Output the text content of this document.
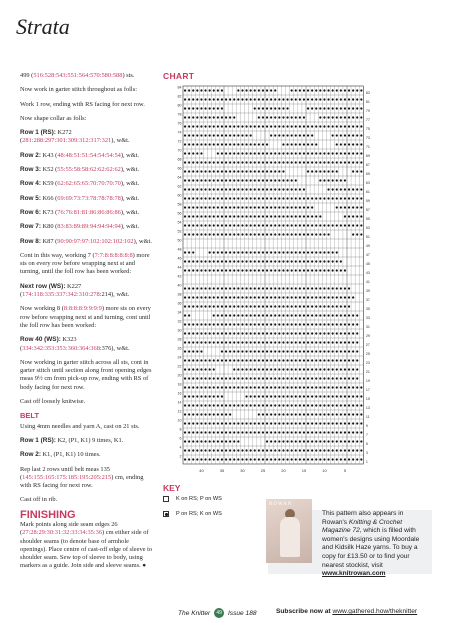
Strata

499 (516:528:543:551:564:570:580:588) sts.

Now work in garter stitch throughout as folls:

Work 1 row, ending with RS facing for next row.

Now shape collar as folls:

Row 1 (RS): K272 (281:288:297:301:309:312:317:321), w&t.

Row 2: K43 (48:48:51:51:54:54:54:54), w&t.

Row 3: K52 (55:55:58:58:62:62:62:62), w&t.

Row 4: K59 (62:62:65:65:70:70:70:70), w&t.

Row 5: K66 (69:69:73:73:78:78:78:78), w&t.

Row 6: K73 (76:76:81:81:86:86:86:86), w&t.

Row 7: K80 (83:83:89:89:94:94:94:94), w&t.

Row 8: K87 (90:90:97:97:102:102:102:102), w&t.

Cont in this way, working 7 (7:7:8:8:8:8:8:8) more sts on every row before wrapping next st and turning, until the foll row has been worked:

Next row (WS): K227 (174:118:335:337:342:310:278:214), w&t.

Now working 8 (8:8:8:8:9:9:9:9) more sts on every row before wrapping next st and turning, cont until the foll row has been worked:

Row 40 (WS): K323 (334:342:353:353:360:364:368:376), w&t.

Now working in garter stitch across all sts, cont in garter stitch until section along front opening edges meas 9½ cm from pick-up row, ending with RS of body facing for next row.

Cast off loosely knitwise.

BELT

Using 4mm needles and yarn A, cast on 21 sts.

Row 1 (RS): K2, (P1, K1) 9 times, K1.

Row 2: K1, (P1, K1) 10 times.

Rep last 2 rows until belt meas 135 (145:155:165:175:185:195:205:215) cm, ending with RS facing for next row.

Cast off in rib.

FINISHING

Mark points along side seam edges 26 (27:28:29:30:31:32:33:34:35:36) cm either side of shoulder seams (to denote base of armhole openings). Place centre of cast-off edge of sleeve to shoulder seam. Sew top of sleeve to body, using markers as a guide. Join side and sleeve seams. ●

CHART
84
82
80
78
76
74
72
70
68
66
64
62
60
58
56
54
52
50
48
46
44
42
40
38
36
34
32
30
28
26
24
22
20
18
16
14
12
10
8
6
4
2
83
81
79
77
75
73
71
69
67
65
63
61
59
57
55
53
51
49
47
45
43
41
39
37
35
33
31
29
27
25
23
21
19
17
15
13
11
9
7
5
3
1
40	35	30	25	20	15	10	5
KEY
K on RS; P on WS
P on RS; K on WS
ROWAN
This pattern also appears in Rowan's Knitting & Crochet Magazine 72, which is filled with women's designs using Moordale and Kidsilk Haze yarns. To buy a copy for £13.50 or to find your nearest stockist, visit www.knitrowan.com
The Knitter 49 Issue 188	Subscribe now at www.gathered.how/theknitter
